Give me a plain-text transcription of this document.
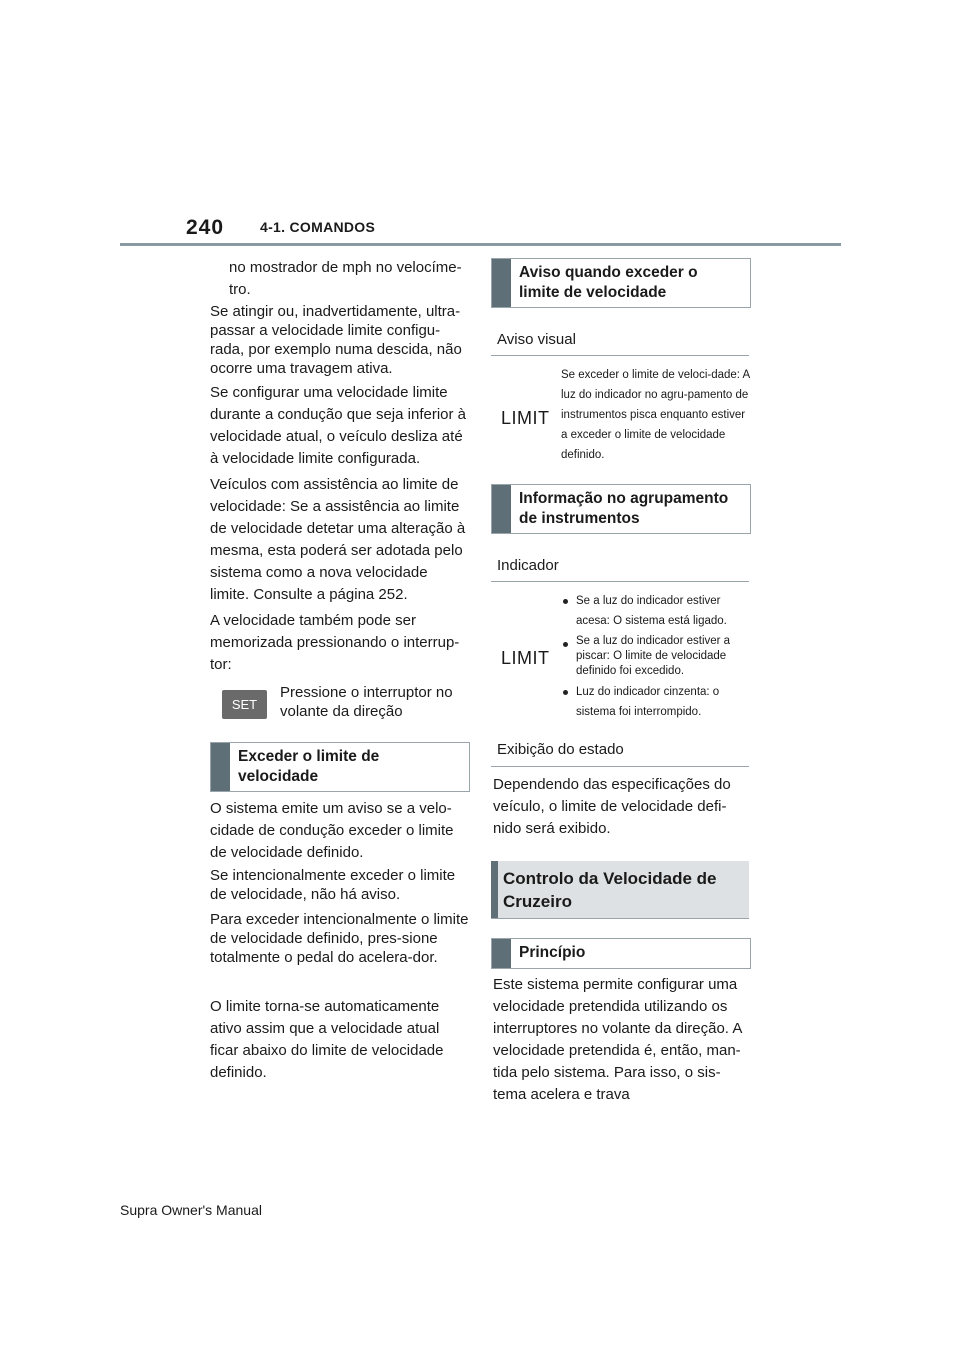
240	4-1. COMANDOS

no mostrador de mph no velocíme-tro.

Se atingir ou, inadvertidamente, ultra-passar a velocidade limite configu-rada, por exemplo numa descida, não ocorre uma travagem ativa.

Se configurar uma velocidade limite durante a condução que seja inferior à velocidade atual, o veículo desliza até à velocidade limite configurada.

Veículos com assistência ao limite de velocidade: Se a assistência ao limite de velocidade detetar uma alteração à mesma, esta poderá ser adotada pelo sistema como a nova velocidade limite. Consulte a página 252.

A velocidade também pode ser memorizada pressionando o interrup-tor:

SET

Pressione o interruptor no volante da direção

Exceder o limite de velocidade

O sistema emite um aviso se a velo-cidade de condução exceder o limite de velocidade definido.

Se intencionalmente exceder o limite de velocidade, não há aviso.

Para exceder intencionalmente o limite de velocidade definido, pres-sione totalmente o pedal do acelera-dor.

O limite torna-se automaticamente ativo assim que a velocidade atual ficar abaixo do limite de velocidade definido.

Aviso quando exceder o limite de velocidade
Aviso visual
LIMIT

Se exceder o limite de veloci-dade: A luz do indicador no agru-pamento de instrumentos pisca enquanto estiver a exceder o limite de velocidade definido.

Informação no agrupamento de instrumentos
Indicador
LIMIT
Se a luz do indicador estiver acesa: O sistema está ligado.
Se a luz do indicador estiver a piscar: O limite de velocidade definido foi excedido.
Luz do indicador cinzenta: o sistema foi interrompido.
Exibição do estado

Dependendo das especificações do veículo, o limite de velocidade defi-nido será exibido.

Controlo da Velocidade de Cruzeiro
Princípio

Este sistema permite configurar uma velocidade pretendida utilizando os interruptores no volante da direção. A velocidade pretendida é, então, man-tida pelo sistema. Para isso, o sis-tema acelera e trava

Supra Owner's Manual
